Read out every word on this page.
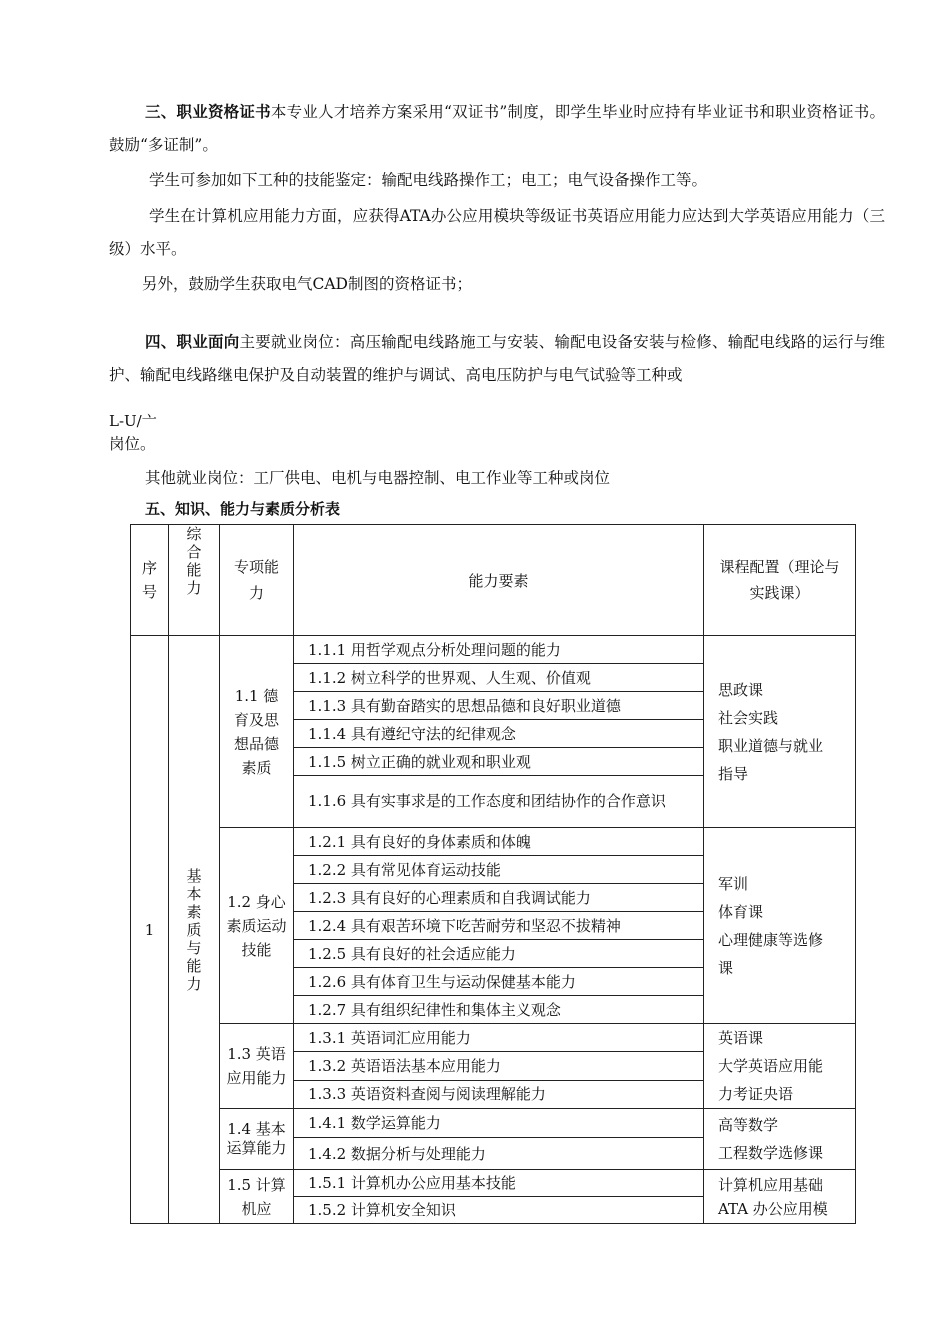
三、职业资格证书本专业人才培养方案采用“双证书”制度，即学生毕业时应持有毕业证书和职业资格证书。鼓励“多证制”。

学生可参加如下工种的技能鉴定：输配电线路操作工；电工；电气设备操作工等。

学生在计算机应用能力方面，应获得ATA办公应用模块等级证书英语应用能力应达到大学英语应用能力（三级）水平。

另外，鼓励学生获取电气CAD制图的资格证书；

四、职业面向主要就业岗位：高压输配电线路施工与安装、输配电设备安装与检修、输配电线路的运行与维护、输配电线路继电保护及自动装置的维护与调试、高电压防护与电气试验等工种或

L-U/亠

岗位。

其他就业岗位：工厂供电、电机与电器控制、电工作业等工种或岗位

五、知识、能力与素质分析表

序号	综合能力	专项能力	能力要素	课程配置（理论与实践课）

1	基本素质与能力	1.1 德育及思想品德素质	1.1.1 用哲学观点分析处理问题的能力	思政课
社会实践
职业道德与就业
指导

			1.1.2 树立科学的世界观、人生观、价值观	
			1.1.3 具有勤奋踏实的思想品德和良好职业道德	
			1.1.4 具有遵纪守法的纪律观念	
			1.1.5 树立正确的就业观和职业观	
			1.1.6 具有实事求是的工作态度和团结协作的合作意识	

		1.2 身心素质运动技能	1.2.1 具有良好的身体素质和体魄	军训
体育课
心理健康等选修
课

			1.2.2 具有常见体育运动技能	
			1.2.3 具有良好的心理素质和自我调试能力	
			1.2.4 具有艰苦环境下吃苦耐劳和坚忍不拔精神	
			1.2.5 具有良好的社会适应能力	
			1.2.6 具有体育卫生与运动保健基本能力	
			1.2.7 具有组织纪律性和集体主义观念	

		1.3 英语应用能力	1.3.1 英语词汇应用能力	英语课
大学英语应用能
力考证央语

			1.3.2 英语语法基本应用能力	
			1.3.3 英语资料查阅与阅读理解能力	

		1.4 基本运算能力	1.4.1 数学运算能力	高等数学
工程数学选修课

			1.4.2 数据分析与处理能力	

		1.5 计算机应	1.5.1 计算机办公应用基本技能	计算机应用基础
ATA 办公应用模

			1.5.2 计算机安全知识	
